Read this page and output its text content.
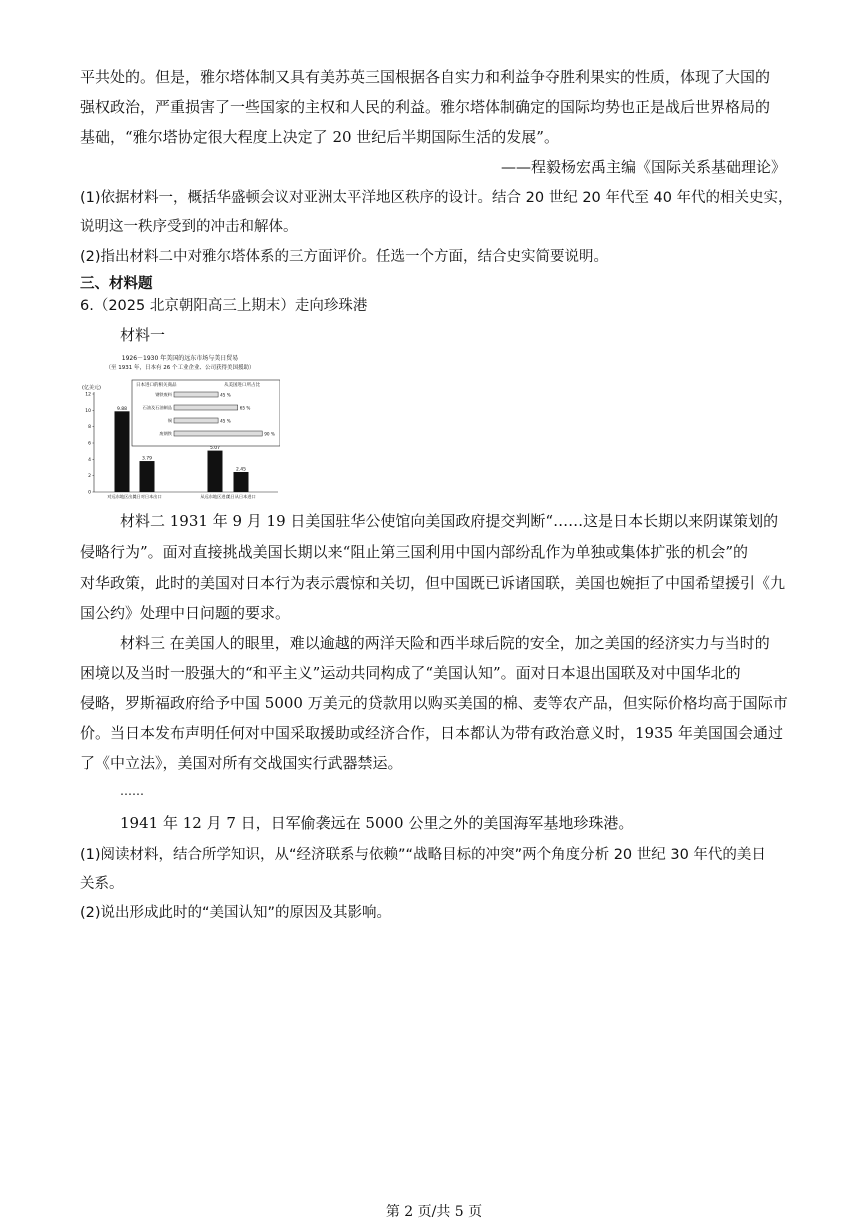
平共处的。但是，雅尔塔体制又具有美苏英三国根据各自实力和利益争夺胜利果实的性质，体现了大国的
强权政治，严重损害了一些国家的主权和人民的利益。雅尔塔体制确定的国际均势也正是战后世界格局的
基础，“雅尔塔协定很大程度上决定了 20 世纪后半期国际生活的发展”。
——程毅杨宏禹主编《国际关系基础理论》
(1)依据材料一，概括华盛顿会议对亚洲太平洋地区秩序的设计。结合 20 世纪 20 年代至 40 年代的相关史实，
说明这一秩序受到的冲击和解体。
(2)指出材料二中对雅尔塔体系的三方面评价。任选一个方面，结合史实简要说明。
三、材料题
6.（2025 北京朝阳高三上期末）走向珍珠港
材料一
1926－1930 年美国的远东市场与美日贸易
（至 1931 年，日本有 26 个工业企业、公司获得美国援助）
(亿美元)
12
10
8
6
4
2
0
9.88
对远东地区出口
3.79
美日对日本出口
5.07
从远东地区进口
2.45
美日从日本进口
日本进口的相关商品	从美国进口所占比
钢铁废料	45 %
石油及石油制品	65 %
铜	45 %
废钢铁	90 %
材料二 1931 年 9 月 19 日美国驻华公使馆向美国政府提交判断“……这是日本长期以来阴谋策划的
侵略行为”。面对直接挑战美国长期以来“阻止第三国利用中国内部纷乱作为单独或集体扩张的机会”的
对华政策，此时的美国对日本行为表示震惊和关切，但中国既已诉诸国联，美国也婉拒了中国希望援引《九
国公约》处理中日问题的要求。
材料三 在美国人的眼里，难以逾越的两洋天险和西半球后院的安全，加之美国的经济实力与当时的
困境以及当时一股强大的“和平主义”运动共同构成了“美国认知”。面对日本退出国联及对中国华北的
侵略，罗斯福政府给予中国 5000 万美元的贷款用以购买美国的棉、麦等农产品，但实际价格均高于国际市
价。当日本发布声明任何对中国采取援助或经济合作，日本都认为带有政治意义时，1935 年美国国会通过
了《中立法》，美国对所有交战国实行武器禁运。
……
1941 年 12 月 7 日，日军偷袭远在 5000 公里之外的美国海军基地珍珠港。
(1)阅读材料，结合所学知识，从“经济联系与依赖”“战略目标的冲突”两个角度分析 20 世纪 30 年代的美日
关系。
(2)说出形成此时的“美国认知”的原因及其影响。
第 2 页/共 5 页
